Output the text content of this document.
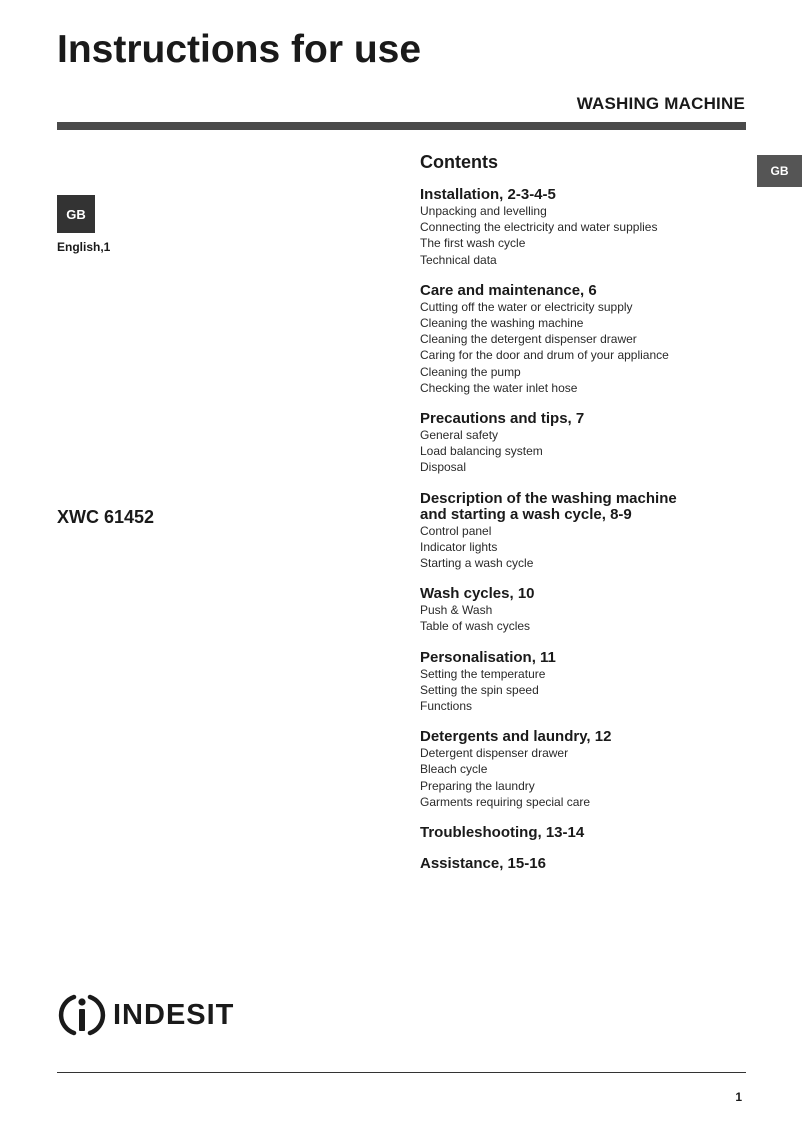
Instructions for use
WASHING MACHINE
GB
GB
English,1
XWC 61452
Contents
Installation, 2-3-4-5
Unpacking and levelling
Connecting the electricity and water supplies
The first wash cycle
Technical data
Care and maintenance, 6
Cutting off the water or electricity supply
Cleaning the washing machine
Cleaning the detergent dispenser drawer
Caring for the door and drum of your appliance
Cleaning the pump
Checking the water inlet hose
Precautions and tips, 7
General safety
Load balancing system
Disposal
Description of the washing machine
and starting a wash cycle, 8-9
Control panel
Indicator lights
Starting a wash cycle
Wash cycles, 10
Push & Wash
Table of wash cycles
Personalisation, 11
Setting the temperature
Setting the spin speed
Functions
Detergents and laundry, 12
Detergent dispenser drawer
Bleach cycle
Preparing the laundry
Garments requiring special care
Troubleshooting, 13-14
Assistance, 15-16
INDESIT
1
